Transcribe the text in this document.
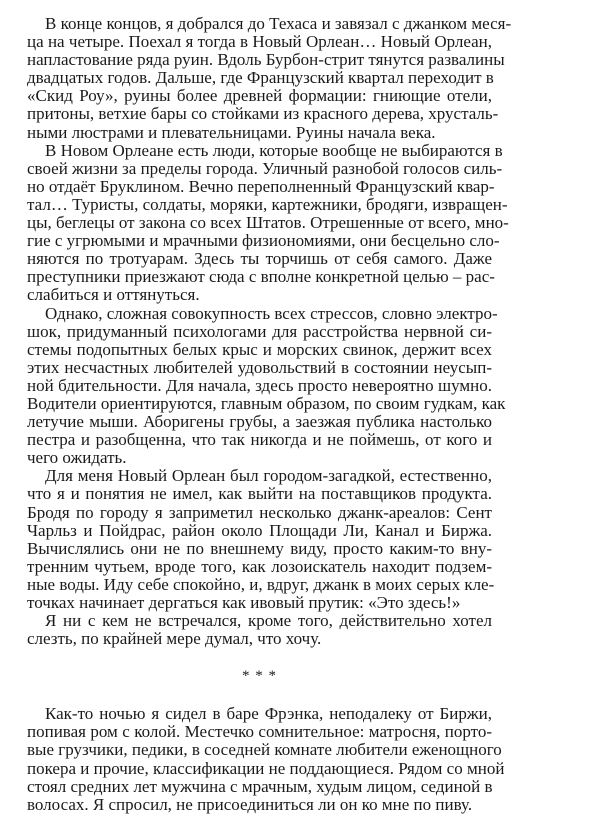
В конце концов, я добрался до Техаса и завязал с джанком меся-
ца на четыре. Поехал я тогда в Новый Орлеан… Новый Орлеан,
напластование ряда руин. Вдоль Бурбон-стрит тянутся развалины
двадцатых годов. Дальше, где Французский квартал переходит в
«Скид Роу», руины более древней формации: гниющие отели,
притоны, ветхие бары со стойками из красного дерева, хрусталь-
ными люстрами и плевательницами. Руины начала века.
В Новом Орлеане есть люди, которые вообще не выбираются в
своей жизни за пределы города. Уличный разнобой голосов силь-
но отдаёт Бруклином. Вечно переполненный Французский квар-
тал… Туристы, солдаты, моряки, картежники, бродяги, извращен-
цы, беглецы от закона со всех Штатов. Отрешенные от всего, мно-
гие с угрюмыми и мрачными физиономиями, они бесцельно сло-
няются по тротуарам. Здесь ты торчишь от себя самого. Даже
преступники приезжают сюда с вполне конкретной целью – рас-
слабиться и оттянуться.
Однако, сложная совокупность всех стрессов, словно электро-
шок, придуманный психологами для расстройства нервной си-
стемы подопытных белых крыс и морских свинок, держит всех
этих несчастных любителей удовольствий в состоянии неусып-
ной бдительности. Для начала, здесь просто невероятно шумно.
Водители ориентируются, главным образом, по своим гудкам, как
летучие мыши. Аборигены грубы, а заезжая публика настолько
пестра и разобщенна, что так никогда и не поймешь, от кого и
чего ожидать.
Для меня Новый Орлеан был городом-загадкой, естественно,
что я и понятия не имел, как выйти на поставщиков продукта.
Бродя по городу я заприметил несколько джанк-ареалов: Сент
Чарльз и Пойдрас, район около Площади Ли, Канал и Биржа.
Вычислялись они не по внешнему виду, просто каким-то вну-
тренним чутьем, вроде того, как лозоискатель находит подзем-
ные воды. Иду себе спокойно, и, вдруг, джанк в моих серых кле-
точках начинает дергаться как ивовый прутик: «Это здесь!»
Я ни с кем не встречался, кроме того, действительно хотел
слезть, по крайней мере думал, что хочу.
* * *
Как-то ночью я сидел в баре Фрэнка, неподалеку от Биржи,
попивая ром с колой. Местечко сомнительное: матросня, порто-
вые грузчики, педики, в соседней комнате любители еженощного
покера и прочие, классификации не поддающиеся. Рядом со мной
стоял средних лет мужчина с мрачным, худым лицом, сединой в
волосах. Я спросил, не присоединиться ли он ко мне по пиву.
